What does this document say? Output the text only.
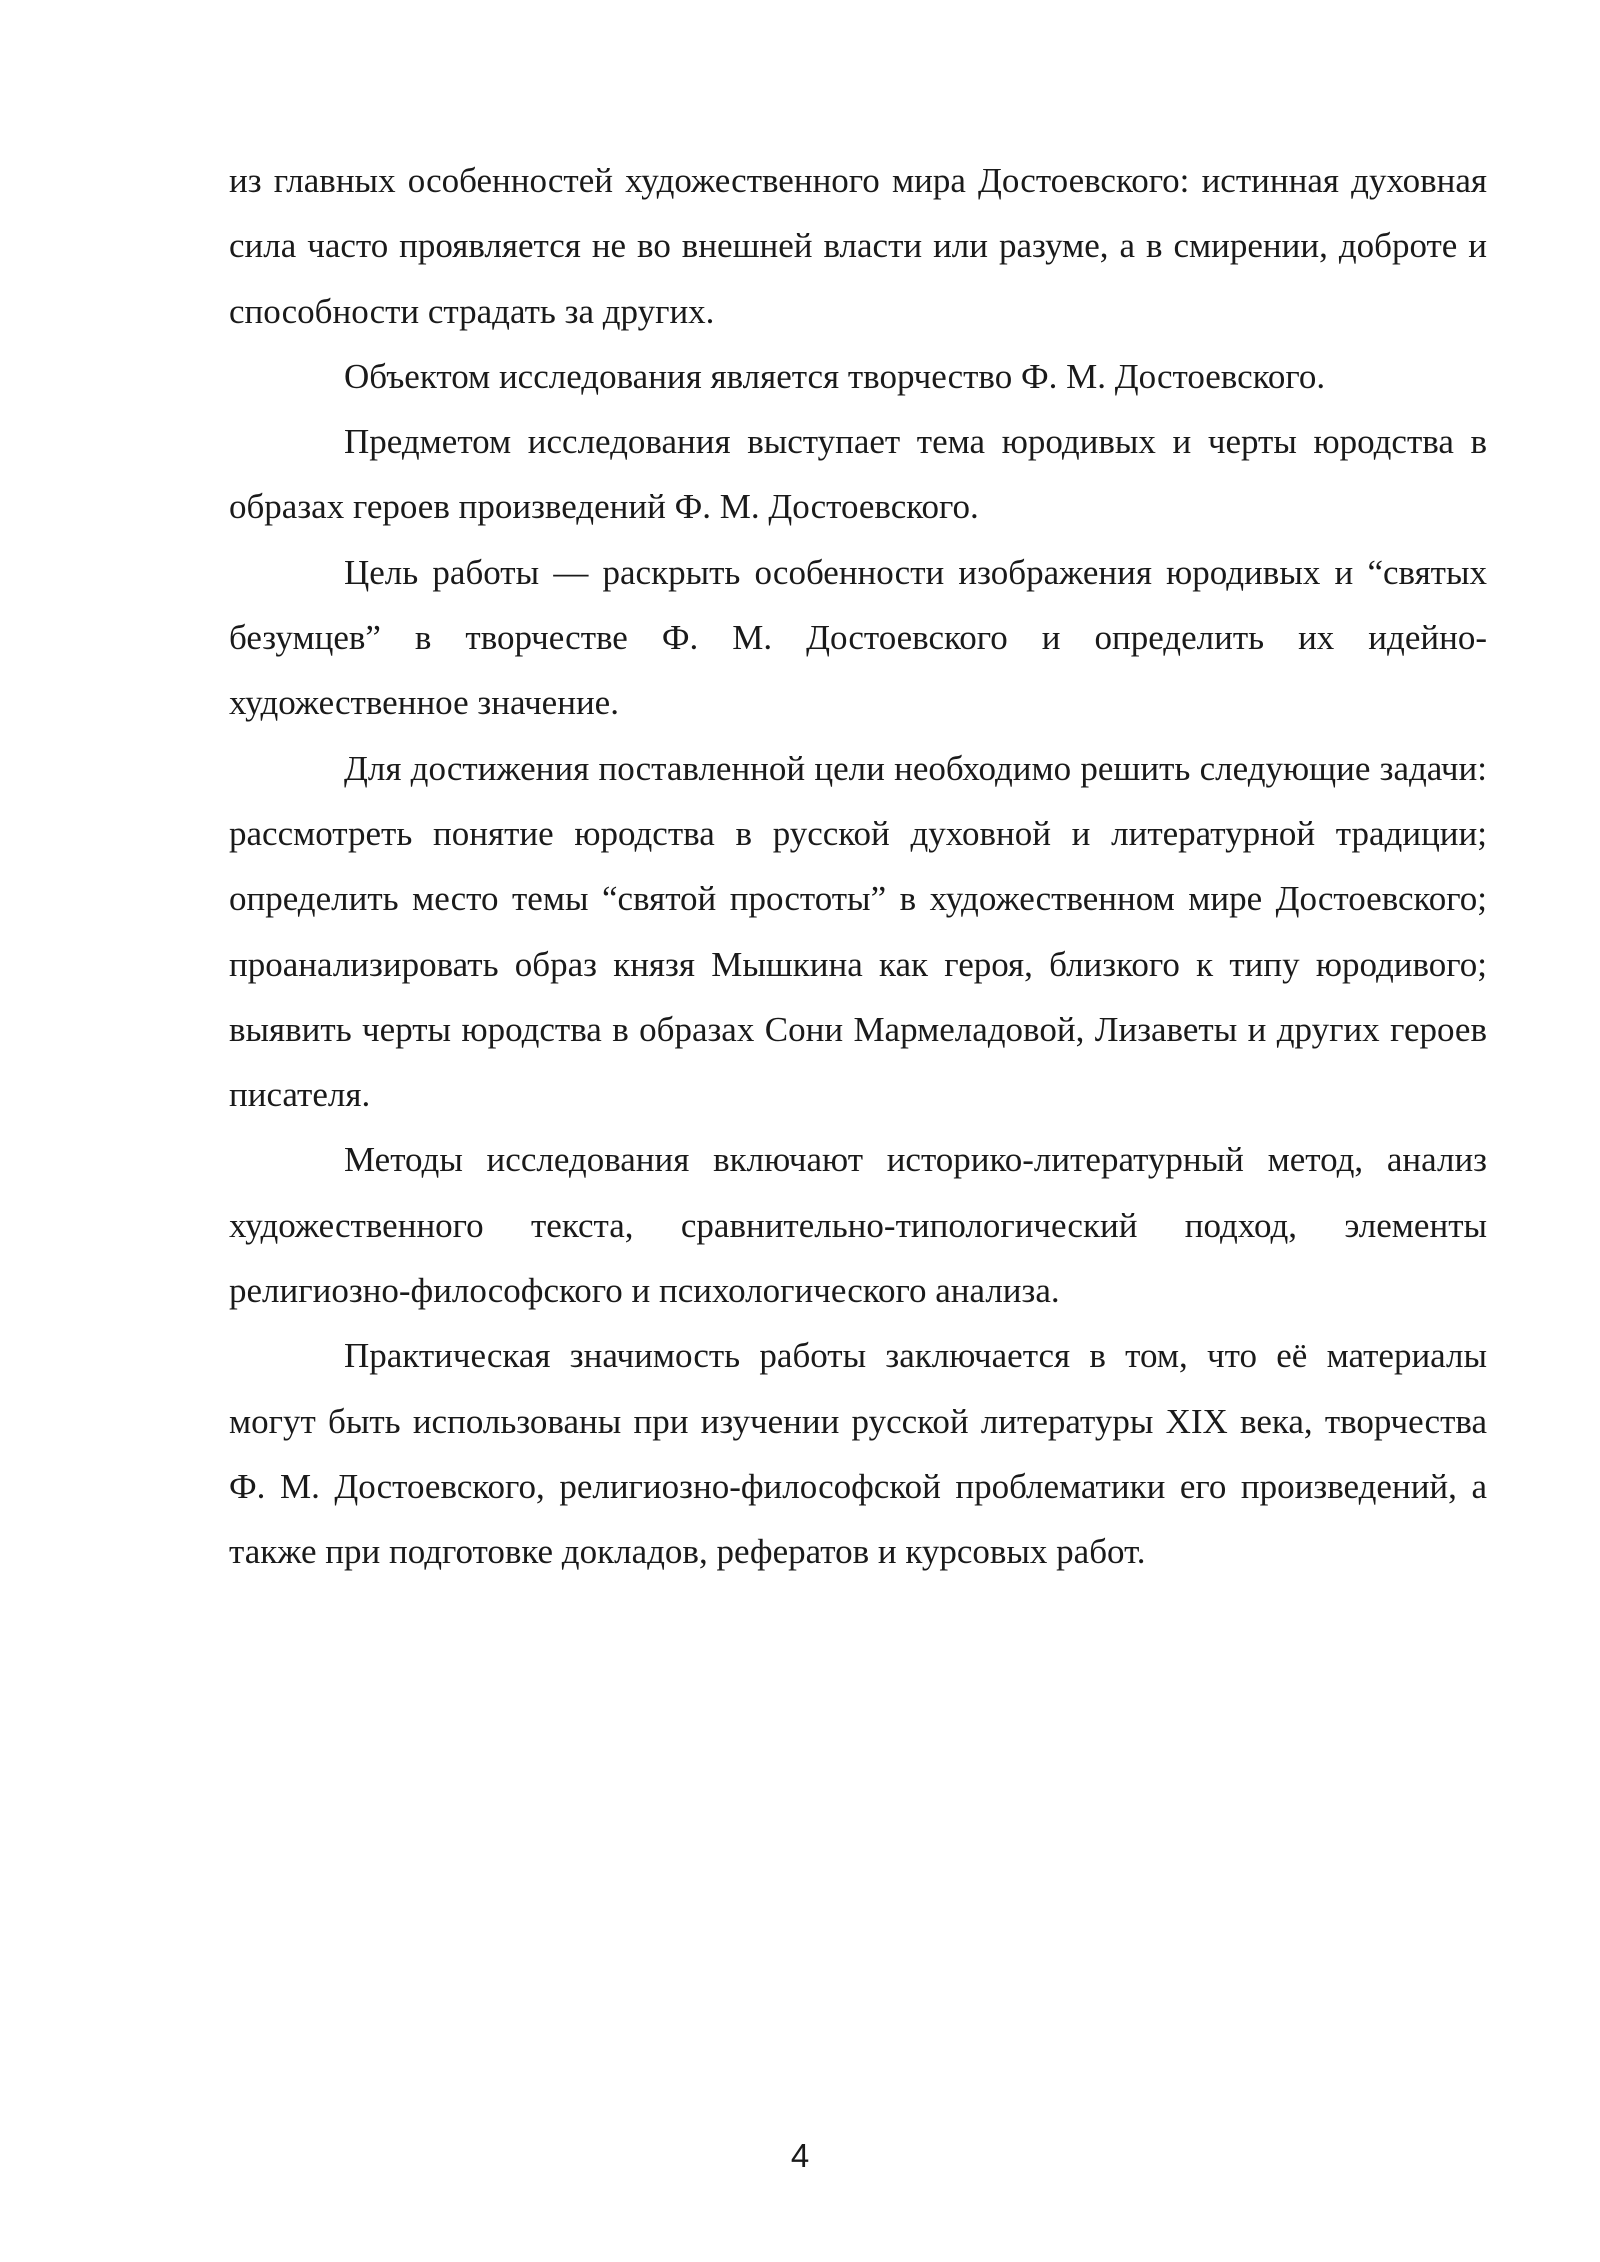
из главных особенностей художественного мира Достоевского: истинная духовная сила часто проявляется не во внешней власти или разуме, а в смирении, доброте и способности страдать за других.

Объектом исследования является творчество Ф. М. Достоевского.

Предметом исследования выступает тема юродивых и черты юродства в образах героев произведений Ф. М. Достоевского.

Цель работы — раскрыть особенности изображения юродивых и “святых безумцев” в творчестве Ф. М. Достоевского и определить их идейно-художественное значение.

Для достижения поставленной цели необходимо решить следующие задачи: рассмотреть понятие юродства в русской духовной и литературной традиции; определить место темы “святой простоты” в художественном мире Достоевского; проанализировать образ князя Мышкина как героя, близкого к типу юродивого; выявить черты юродства в образах Сони Мармеладовой, Лизаветы и других героев писателя.

Методы исследования включают историко-литературный метод, анализ художественного текста, сравнительно-типологический подход, элементы религиозно-философского и психологического анализа.

Практическая значимость работы заключается в том, что её материалы могут быть использованы при изучении русской литературы XIX века, творчества Ф. М. Достоевского, религиозно-философской проблематики его произведений, а также при подготовке докладов, рефератов и курсовых работ.

4
